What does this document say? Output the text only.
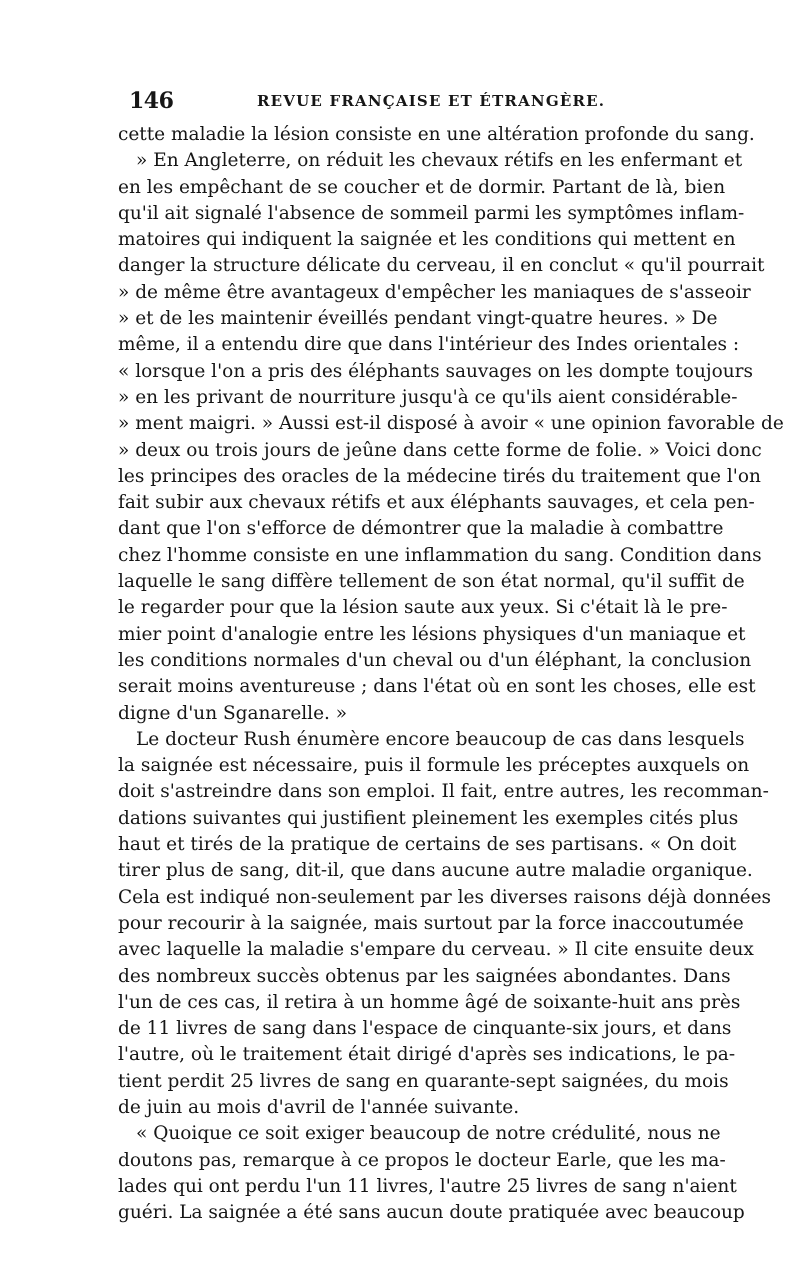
146	REVUE FRANÇAISE ET ÉTRANGÈRE.
cette maladie la lésion consiste en une altération profonde du sang.
» En Angleterre, on réduit les chevaux rétifs en les enfermant et
en les empêchant de se coucher et de dormir. Partant de là, bien
qu'il ait signalé l'absence de sommeil parmi les symptômes inflam-
matoires qui indiquent la saignée et les conditions qui mettent en
danger la structure délicate du cerveau, il en conclut « qu'il pourrait
» de même être avantageux d'empêcher les maniaques de s'asseoir
» et de les maintenir éveillés pendant vingt-quatre heures. » De
même, il a entendu dire que dans l'intérieur des Indes orientales :
« lorsque l'on a pris des éléphants sauvages on les dompte toujours
» en les privant de nourriture jusqu'à ce qu'ils aient considérable-
» ment maigri. » Aussi est-il disposé à avoir « une opinion favorable de
» deux ou trois jours de jeûne dans cette forme de folie. » Voici donc
les principes des oracles de la médecine tirés du traitement que l'on
fait subir aux chevaux rétifs et aux éléphants sauvages, et cela pen-
dant que l'on s'efforce de démontrer que la maladie à combattre
chez l'homme consiste en une inflammation du sang. Condition dans
laquelle le sang diffère tellement de son état normal, qu'il suffit de
le regarder pour que la lésion saute aux yeux. Si c'était là le pre-
mier point d'analogie entre les lésions physiques d'un maniaque et
les conditions normales d'un cheval ou d'un éléphant, la conclusion
serait moins aventureuse ; dans l'état où en sont les choses, elle est
digne d'un Sganarelle. »
Le docteur Rush énumère encore beaucoup de cas dans lesquels
la saignée est nécessaire, puis il formule les préceptes auxquels on
doit s'astreindre dans son emploi. Il fait, entre autres, les recomman-
dations suivantes qui justifient pleinement les exemples cités plus
haut et tirés de la pratique de certains de ses partisans. « On doit
tirer plus de sang, dit-il, que dans aucune autre maladie organique.
Cela est indiqué non-seulement par les diverses raisons déjà données
pour recourir à la saignée, mais surtout par la force inaccoutumée
avec laquelle la maladie s'empare du cerveau. » Il cite ensuite deux
des nombreux succès obtenus par les saignées abondantes. Dans
l'un de ces cas, il retira à un homme âgé de soixante-huit ans près
de 11 livres de sang dans l'espace de cinquante-six jours, et dans
l'autre, où le traitement était dirigé d'après ses indications, le pa-
tient perdit 25 livres de sang en quarante-sept saignées, du mois
de juin au mois d'avril de l'année suivante.
« Quoique ce soit exiger beaucoup de notre crédulité, nous ne
doutons pas, remarque à ce propos le docteur Earle, que les ma-
lades qui ont perdu l'un 11 livres, l'autre 25 livres de sang n'aient
guéri. La saignée a été sans aucun doute pratiquée avec beaucoup
